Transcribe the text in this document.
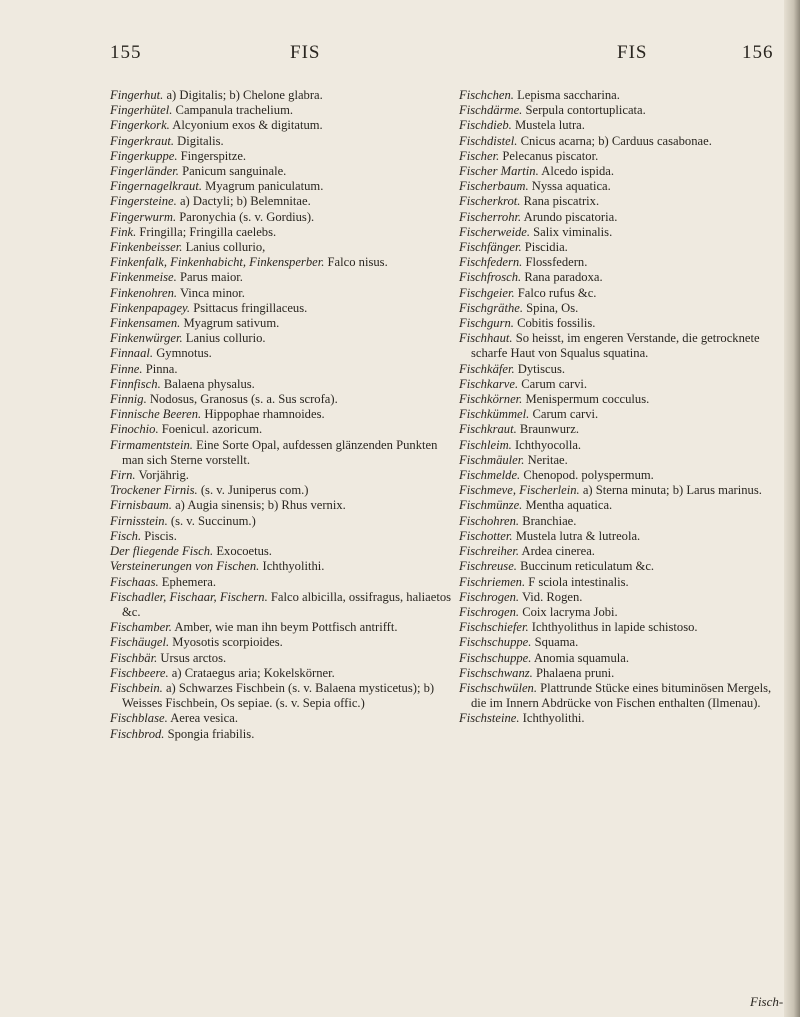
155	FIS	FIS	156

Fingerhut. a) Digitalis; b) Chelone glabra.

Fingerhütel. Campanula trachelium.

Fingerkork. Alcyonium exos & digitatum.

Fingerkraut. Digitalis.

Fingerkuppe. Fingerspitze.

Fingerländer. Panicum sanguinale.

Fingernagelkraut. Myagrum paniculatum.

Fingersteine. a) Dactyli; b) Belemnitae.

Fingerwurm. Paronychia (s. v. Gordius).

Fink. Fringilla; Fringilla caelebs.

Finkenbeisser. Lanius collurio,

Finkenfalk, Finkenhabicht, Finkensperber. Falco nisus.

Finkenmeise. Parus maior.

Finkenohren. Vinca minor.

Finkenpapagey. Psittacus fringillaceus.

Finkensamen. Myagrum sativum.

Finkenwürger. Lanius collurio.

Finnaal. Gymnotus.

Finne. Pinna.

Finnfisch. Balaena physalus.

Finnig. Nodosus, Granosus (s. a. Sus scrofa).

Finnische Beeren. Hippophae rhamnoides.

Finochio. Foenicul. azoricum.

Firmamentstein. Eine Sorte Opal, aufdessen glänzenden Punkten man sich Sterne vorstellt.

Firn. Vorjährig.

Trockener Firnis. (s. v. Juniperus com.)

Firnisbaum. a) Augia sinensis; b) Rhus vernix.

Firnisstein. (s. v. Succinum.)

Fisch. Piscis.

Der fliegende Fisch. Exocoetus.

Versteinerungen von Fischen. Ichthyolithi.

Fischaas. Ephemera.

Fischadler, Fischaar, Fischern. Falco albicilla, ossifragus, haliaetos &c.

Fischamber. Amber, wie man ihn beym Pottfisch antrifft.

Fischäugel. Myosotis scorpioides.

Fischbär. Ursus arctos.

Fischbeere. a) Crataegus aria; Kokelskörner.

Fischbein. a) Schwarzes Fischbein (s. v. Balaena mysticetus); b) Weisses Fischbein, Os sepiae. (s. v. Sepia offic.)

Fischblase. Aerea vesica.

Fischbrod. Spongia friabilis.

Fischchen. Lepisma saccharina.

Fischdärme. Serpula contortuplicata.

Fischdieb. Mustela lutra.

Fischdistel. Cnicus acarna; b) Carduus casabonae.

Fischer. Pelecanus piscator.

Fischer Martin. Alcedo ispida.

Fischerbaum. Nyssa aquatica.

Fischerkrot. Rana piscatrix.

Fischerrohr. Arundo piscatoria.

Fischerweide. Salix viminalis.

Fischfänger. Piscidia.

Fischfedern. Flossfedern.

Fischfrosch. Rana paradoxa.

Fischgeier. Falco rufus &c.

Fischgräthe. Spina, Os.

Fischgurn. Cobitis fossilis.

Fischhaut. So heisst, im engeren Verstande, die getrocknete scharfe Haut von Squalus squatina.

Fischkäfer. Dytiscus.

Fischkarve. Carum carvi.

Fischkörner. Menispermum cocculus.

Fischkümmel. Carum carvi.

Fischkraut. Braunwurz.

Fischleim. Ichthyocolla.

Fischmäuler. Neritae.

Fischmelde. Chenopod. polyspermum.

Fischmeve, Fischerlein. a) Sterna minuta; b) Larus marinus.

Fischmünze. Mentha aquatica.

Fischohren. Branchiae.

Fischotter. Mustela lutra & lutreola.

Fischreiher. Ardea cinerea.

Fischreuse. Buccinum reticulatum &c.

Fischriemen. F sciola intestinalis.

Fischrogen. Vid. Rogen.

Fischrogen. Coix lacryma Jobi.

Fischschiefer. Ichthyolithus in lapide schistoso.

Fischschuppe. Squama.

Fischschuppe. Anomia squamula.

Fischschwanz. Phalaena pruni.

Fischschwülen. Plattrunde Stücke eines bituminösen Mergels, die im Innern Abdrücke von Fischen enthalten (Ilmenau).

Fischsteine. Ichthyolithi.

Fisch-
